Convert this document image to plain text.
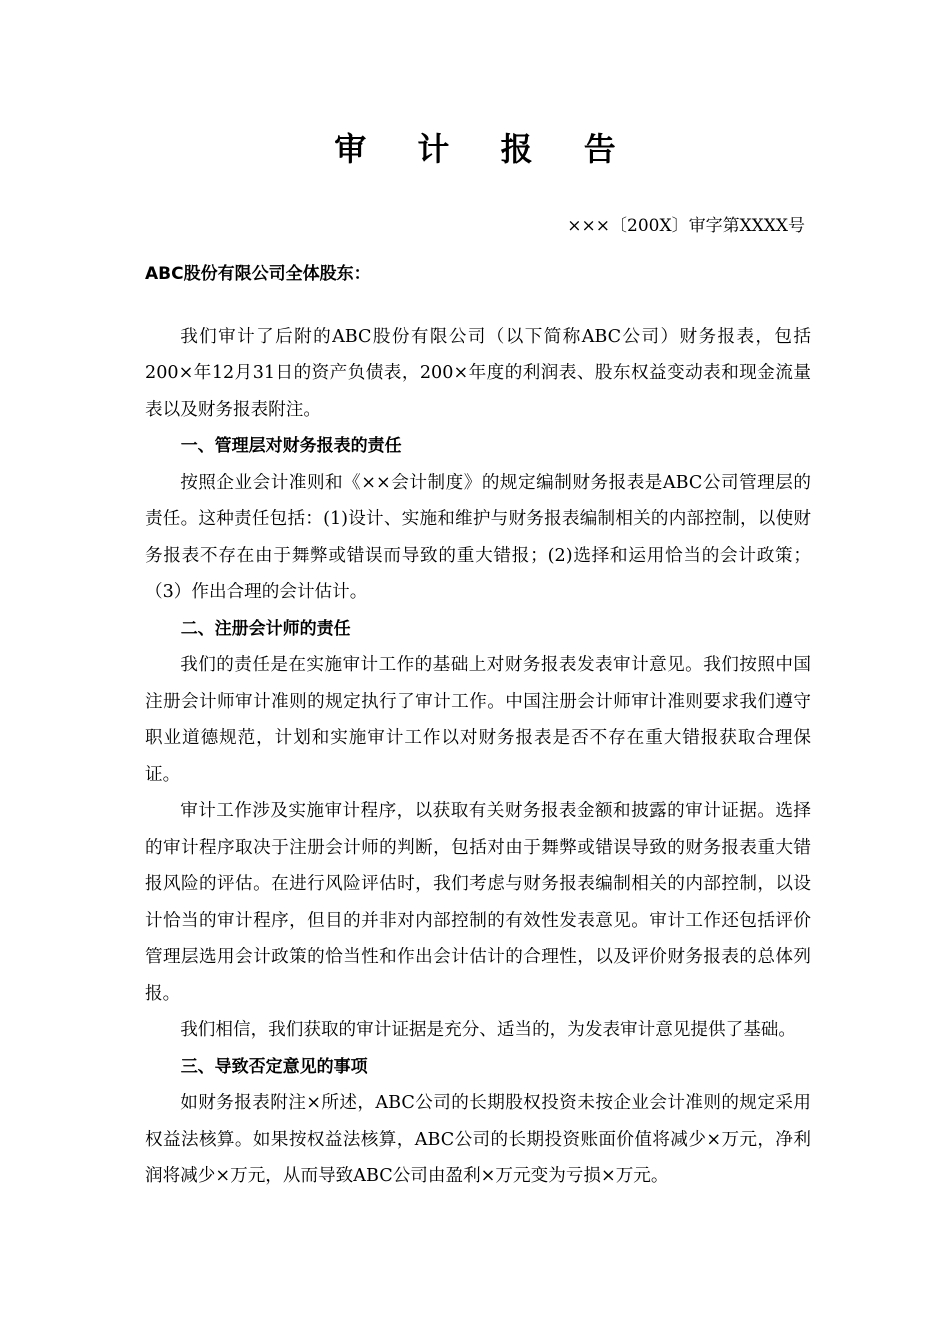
审 计 报 告
×××〔200X〕审字第XXXX号

ABC股份有限公司全体股东：

我们审计了后附的ABC股份有限公司（以下简称ABC公司）财务报表，包括200×年12月31日的资产负债表，200×年度的利润表、股东权益变动表和现金流量表以及财务报表附注。

一、管理层对财务报表的责任

按照企业会计准则和《××会计制度》的规定编制财务报表是ABC公司管理层的责任。这种责任包括：(1)设计、实施和维护与财务报表编制相关的内部控制，以使财务报表不存在由于舞弊或错误而导致的重大错报；(2)选择和运用恰当的会计政策；（3）作出合理的会计估计。

二、注册会计师的责任

我们的责任是在实施审计工作的基础上对财务报表发表审计意见。我们按照中国注册会计师审计准则的规定执行了审计工作。中国注册会计师审计准则要求我们遵守职业道德规范，计划和实施审计工作以对财务报表是否不存在重大错报获取合理保证。

审计工作涉及实施审计程序，以获取有关财务报表金额和披露的审计证据。选择的审计程序取决于注册会计师的判断，包括对由于舞弊或错误导致的财务报表重大错报风险的评估。在进行风险评估时，我们考虑与财务报表编制相关的内部控制，以设计恰当的审计程序，但目的并非对内部控制的有效性发表意见。审计工作还包括评价管理层选用会计政策的恰当性和作出会计估计的合理性，以及评价财务报表的总体列报。

我们相信，我们获取的审计证据是充分、适当的，为发表审计意见提供了基础。

三、导致否定意见的事项

如财务报表附注×所述，ABC公司的长期股权投资未按企业会计准则的规定采用权益法核算。如果按权益法核算，ABC公司的长期投资账面价值将减少×万元，净利润将减少×万元，从而导致ABC公司由盈利×万元变为亏损×万元。
